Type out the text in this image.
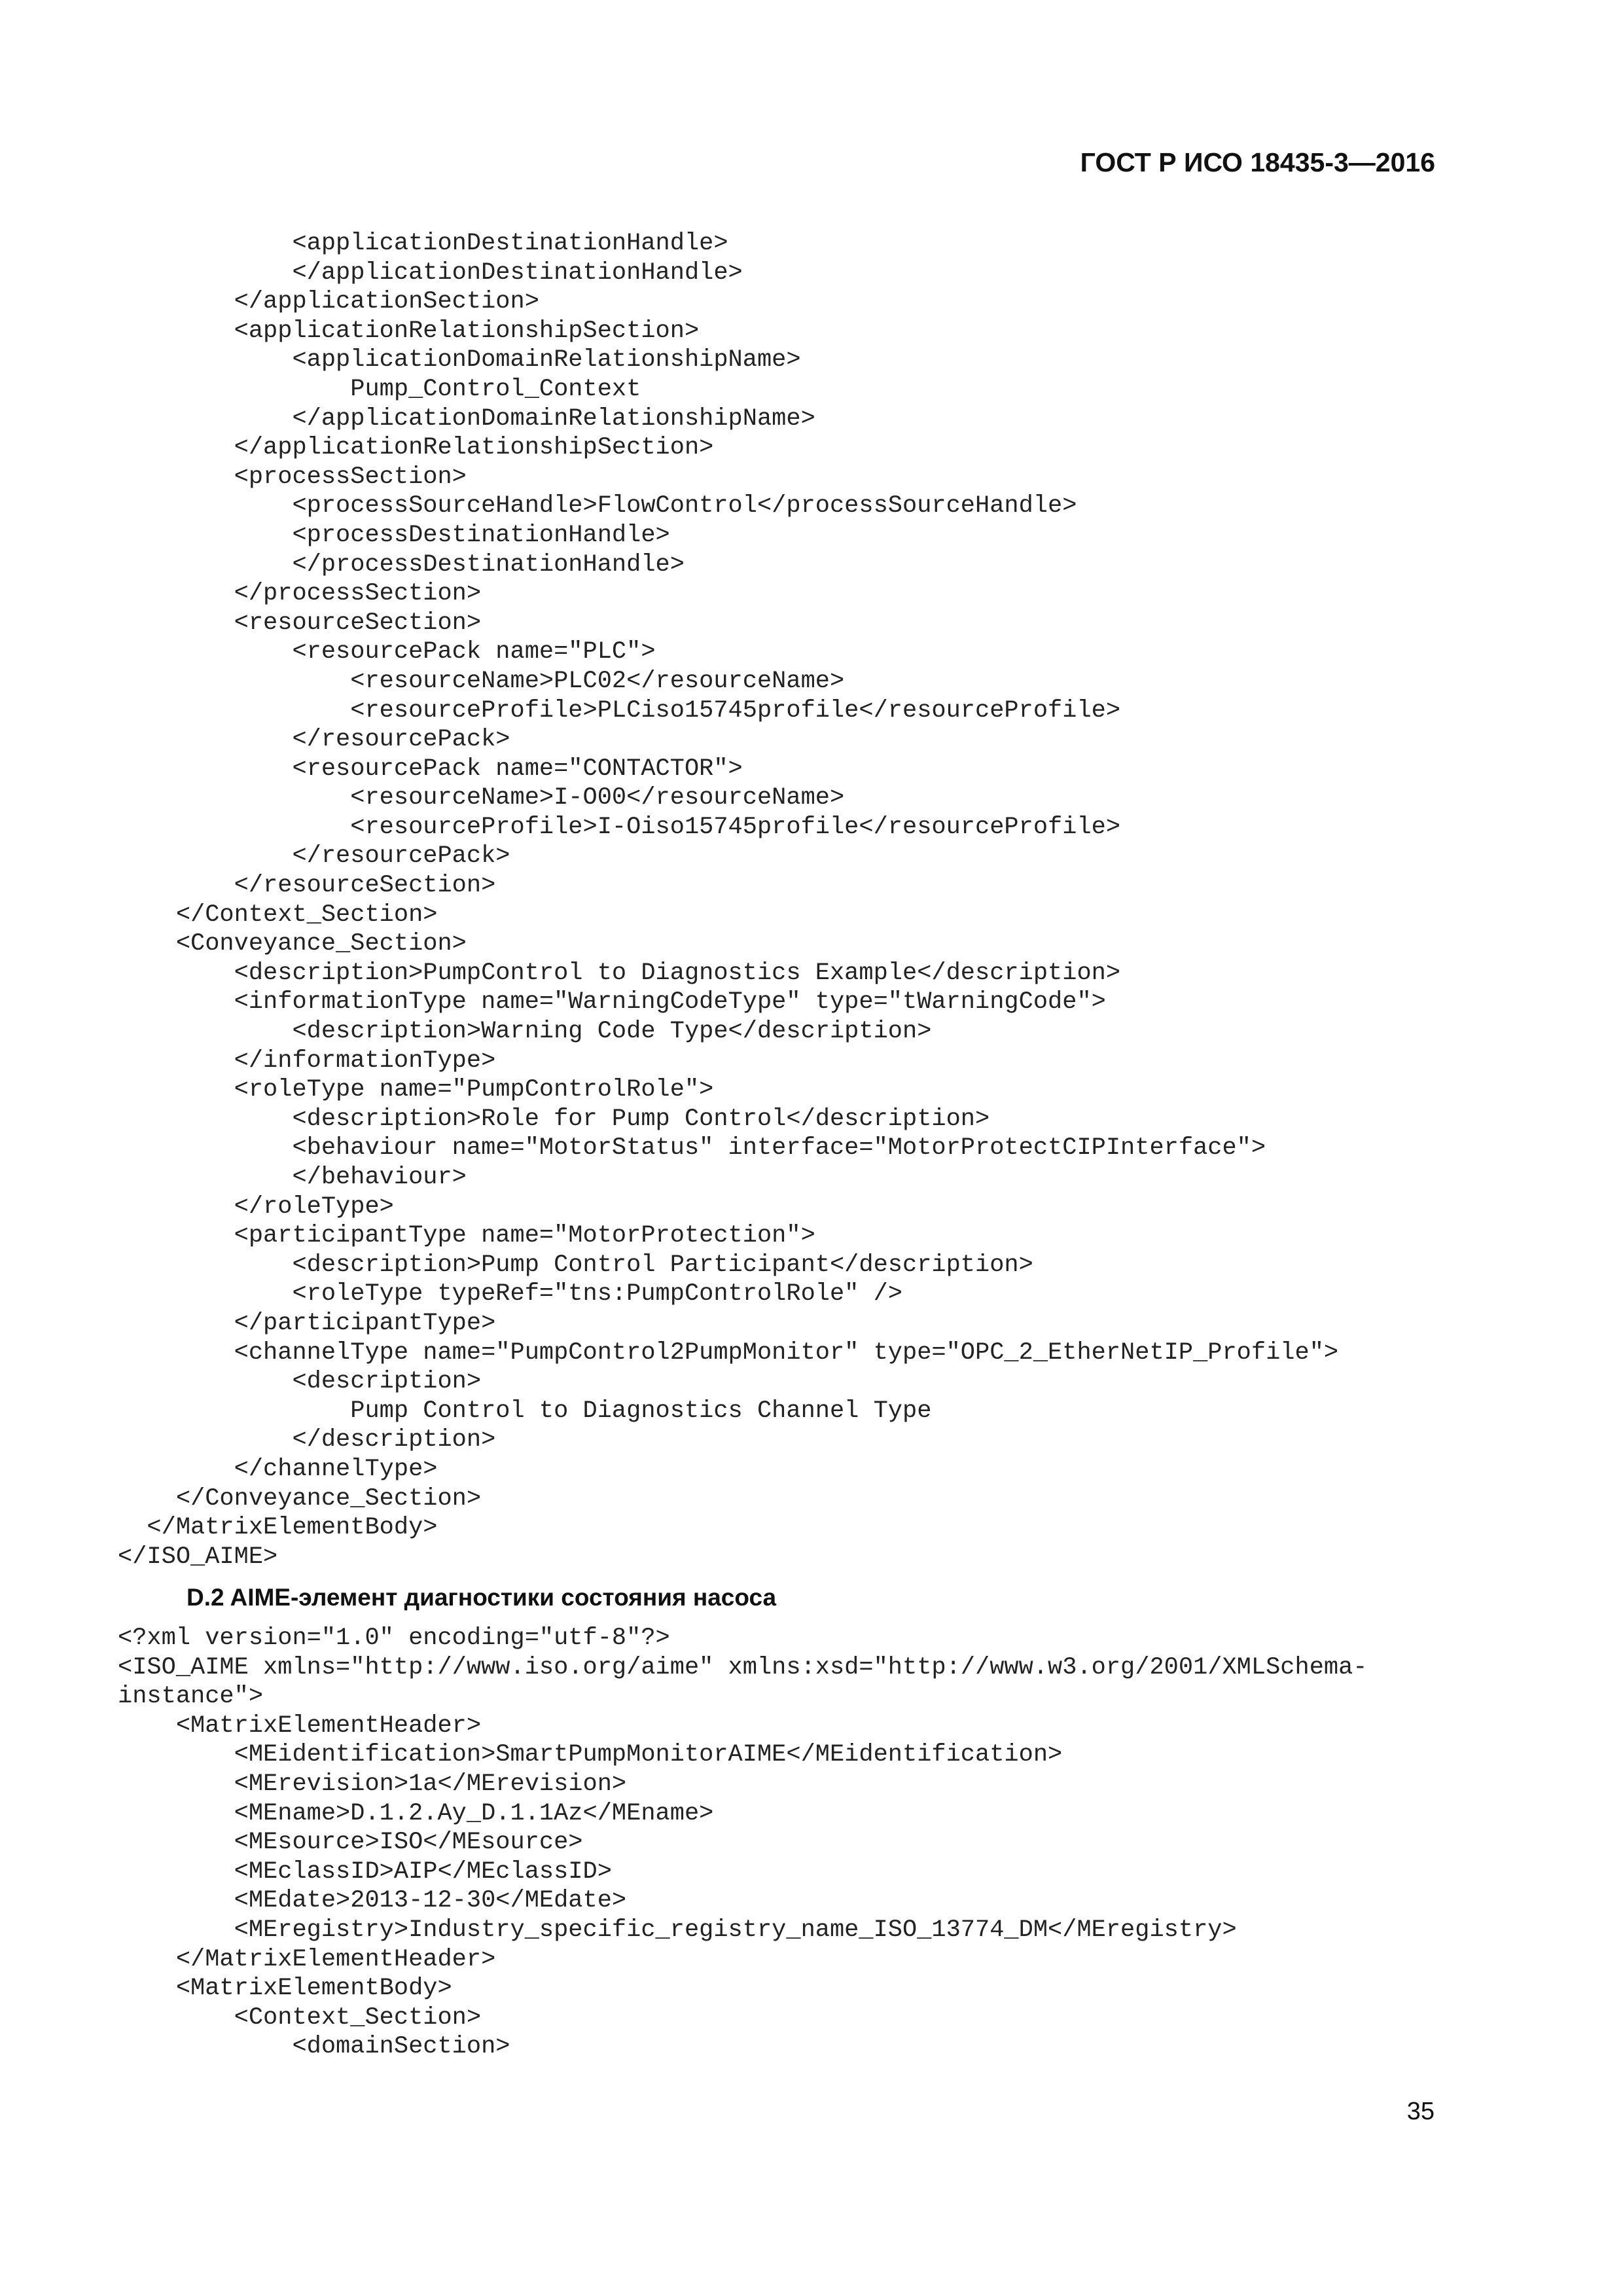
ГОСТ Р ИСО 18435-3—2016
<applicationDestinationHandle>
</applicationDestinationHandle>
</applicationSection>
<applicationRelationshipSection>
<applicationDomainRelationshipName>
Pump_Control_Context
</applicationDomainRelationshipName>
</applicationRelationshipSection>
<processSection>
<processSourceHandle>FlowControl</processSourceHandle>
<processDestinationHandle>
</processDestinationHandle>
</processSection>
<resourceSection>
<resourcePack name="PLC">
<resourceName>PLC02</resourceName>
<resourceProfile>PLCiso15745profile</resourceProfile>
</resourcePack>
<resourcePack name="CONTACTOR">
<resourceName>I-O00</resourceName>
<resourceProfile>I-Oiso15745profile</resourceProfile>
</resourcePack>
</resourceSection>
</Context_Section>
<Conveyance_Section>
<description>PumpControl to Diagnostics Example</description>
<informationType name="WarningCodeType" type="tWarningCode">
<description>Warning Code Type</description>
</informationType>
<roleType name="PumpControlRole">
<description>Role for Pump Control</description>
<behaviour name="MotorStatus" interface="MotorProtectCIPInterface">
</behaviour>
</roleType>
<participantType name="MotorProtection">
<description>Pump Control Participant</description>
<roleType typeRef="tns:PumpControlRole" />
</participantType>
<channelType name="PumpControl2PumpMonitor" type="OPC_2_EtherNetIP_Profile">
<description>
Pump Control to Diagnostics Channel Type
</description>
</channelType>
</Conveyance_Section>
</MatrixElementBody>
</ISO_AIME>
D.2 AIME-элемент диагностики состояния насоса
<?xml version="1.0" encoding="utf-8"?>
<ISO_AIME xmlns="http://www.iso.org/aime" xmlns:xsd="http://www.w3.org/2001/XMLSchema-
instance">
<MatrixElementHeader>
<MEidentification>SmartPumpMonitorAIME</MEidentification>
<MErevision>1a</MErevision>
<MEname>D.1.2.Ay_D.1.1Az</MEname>
<MEsource>ISO</MEsource>
<MEclassID>AIP</MEclassID>
<MEdate>2013-12-30</MEdate>
<MEregistry>Industry_specific_registry_name_ISO_13774_DM</MEregistry>
</MatrixElementHeader>
<MatrixElementBody>
<Context_Section>
<domainSection>
35
